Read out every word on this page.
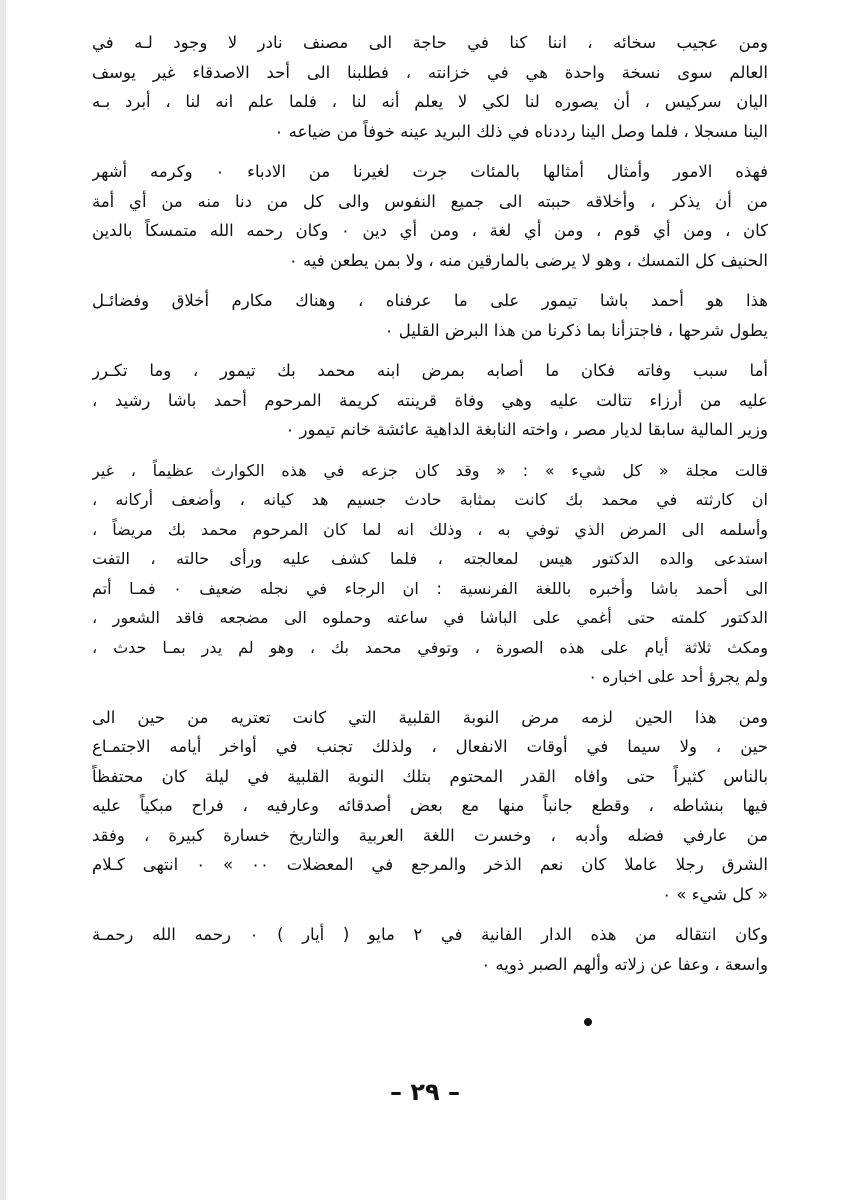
ومن عجيب سخائه ، اننا كنا في حاجة الى مصنف نادر لا وجود لـه في
العالم سوى نسخة واحدة هي في خزانته ، فطلبنا الى أحد الاصدقاء غير يوسف
اليان سركيس ، أن يصوره لنا لكي لا يعلم أنه لنا ، فلما علم انه لنا ، أبرد بـه
الينا مسجلا ، فلما وصل الينا رددناه في ذلك البريد عينه خوفاً من ضياعه ٠
فهذه الامور وأمثال أمثالها بالمئات جرت لغيرنا من الادباء ٠ وكرمه أشهر
من أن يذكر ، وأخلاقه حببته الى جميع النفوس والى كل من دنا منه من أي أمة
كان ، ومن أي قوم ، ومن أي لغة ، ومن أي دين ٠ وكان رحمه الله متمسكاً بالدين
الحنيف كل التمسك ، وهو لا يرضى بالمارقين منه ، ولا بمن يطعن فيه ٠
هذا هو أحمد باشا تيمور على ما عرفناه ، وهناك مكارم أخلاق وفضائـل
يطول شرحها ، فاجتزأنا بما ذكرنا من هذا البرض القليل ٠
أما سبب وفاته فكان ما أصابه بمرض ابنه محمد بك تيمور ، وما تكـرر
عليه من أرزاء تتالت عليه وهي وفاة قرينته كريمة المرحوم أحمد باشا رشيد ،
وزير المالية سابقا لديار مصر ، واخته النابغة الداهية عائشة خانم تيمور ٠
قالت مجلة « كل شيء » : « وقد كان جزعه في هذه الكوارث عظيماً ، غير
ان كارثته في محمد بك كانت بمثابة حادث جسيم هد كيانه ، وأضعف أركانه ،
وأسلمه الى المرض الذي توفي به ، وذلك انه لما كان المرحوم محمد بك مريضاً ،
استدعى والده الدكتور هيس لمعالجته ، فلما كشف عليه ورأى حالته ، التفت
الى أحمد باشا وأخبره باللغة الفرنسية : ان الرجاء في نجله ضعيف ٠ فمـا أتم
الدكتور كلمته حتى أغمي على الباشا في ساعته وحملوه الى مضجعه فاقد الشعور ،
ومكث ثلاثة أيام على هذه الصورة ، وتوفي محمد بك ، وهو لم يدر بمـا حدث ،
ولم يجرؤ أحد على اخباره ٠
ومن هذا الحين لزمه مرض النوبة القلبية التي كانت تعتريه من حين الى
حين ، ولا سيما في أوقات الانفعال ، ولذلك تجنب في أواخر أيامه الاجتمـاع
بالناس كثيراً حتى وافاه القدر المحتوم بتلك النوبة القلبية في ليلة كان محتفظاً
فيها بنشاطه ، وقطع جانباً منها مع بعض أصدقائه وعارفيه ، فراح مبكياً عليه
من عارفي فضله وأدبه ، وخسرت اللغة العربية والتاريخ خسارة كبيرة ، وفقد
الشرق رجلا عاملا كان نعم الذخر والمرجع في المعضلات ٠٠ » ٠ انتهى كـلام
« كل شيء » ٠
وكان انتقاله من هذه الدار الفانية في ٢ مايو ( أيار ) ٠ رحمه الله رحمـة
واسعة ، وعفا عن زلاته وألهم الصبر ذويه ٠
– ٢٩ –
